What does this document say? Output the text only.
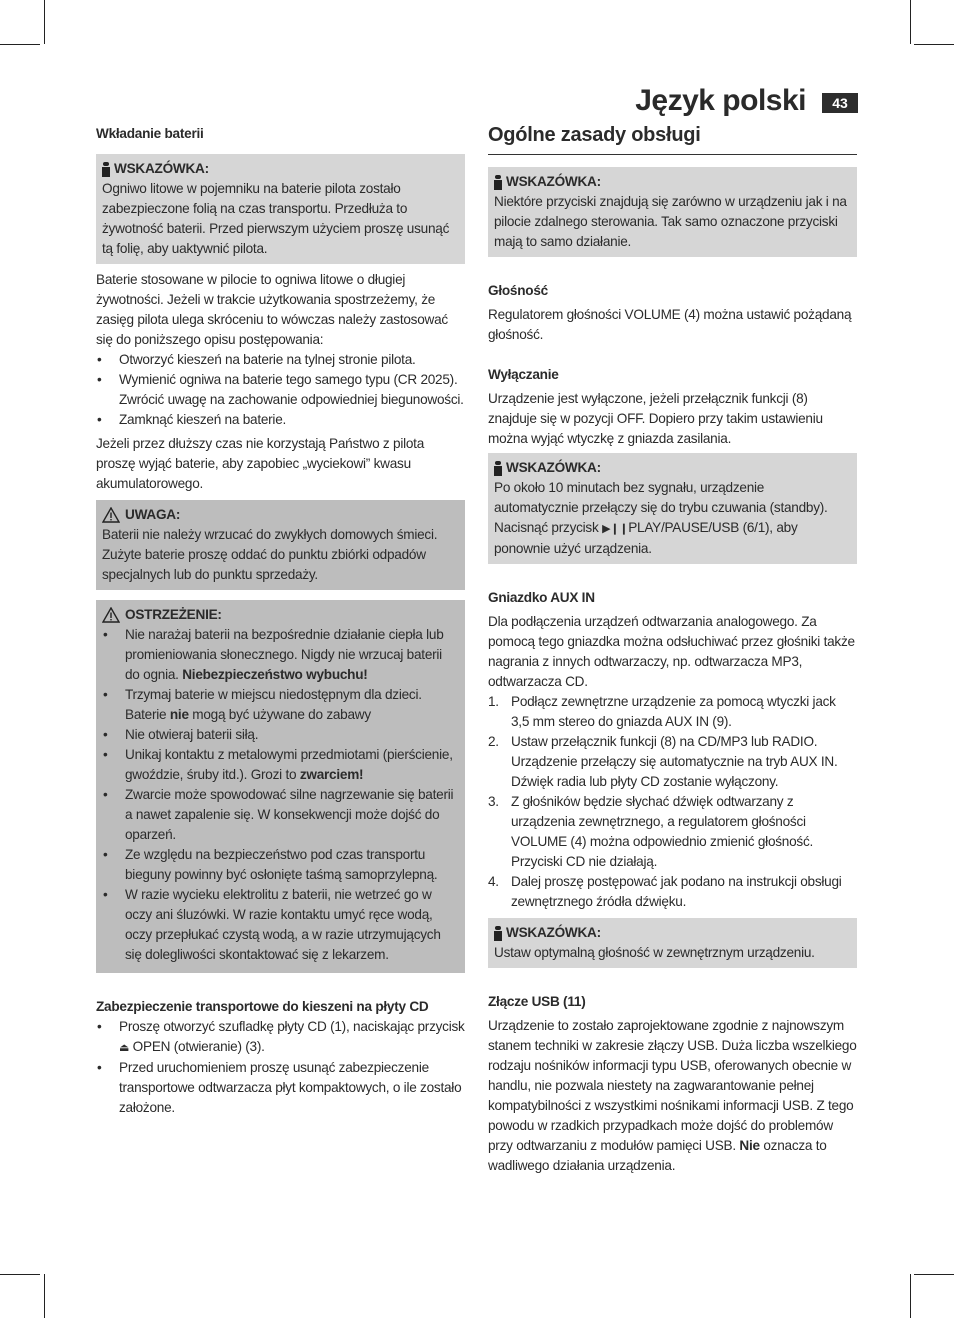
Język polski	43
Wkładanie baterii
WSKAZÓWKA:

Ogniwo litowe w pojemniku na baterie pilota zostało zabezpieczone folią na czas transportu. Przedłuża to żywotność baterii. Przed pierwszym użyciem proszę usunąć tą folię, aby uaktywnić pilota.

Baterie stosowane w pilocie to ogniwa litowe o długiej żywotności. Jeżeli w trakcie użytkowania spostrzeżemy, że zasięg pilota ulega skróceniu to wówczas należy zastosować się do poniższego opisu postępowania:

• Otworzyć kieszeń na baterie na tylnej stronie pilota.
• Wymienić ogniwa na baterie tego samego typu (CR 2025). Zwrócić uwagę na zachowanie odpowiedniej biegunowości.
• Zamknąć kieszeń na baterie.

Jeżeli przez dłuższy czas nie korzystają Państwo z pilota proszę wyjąć baterie, aby zapobiec „wyciekowi” kwasu akumulatorowego.

UWAGA:

Baterii nie należy wrzucać do zwykłych domowych śmieci. Zużyte baterie proszę oddać do punktu zbiórki odpadów specjalnych lub do punktu sprzedaży.

OSTRZEŻENIE:
• Nie narażaj baterii na bezpośrednie działanie ciepła lub promieniowania słonecznego. Nigdy nie wrzucaj baterii do ognia. Niebezpieczeństwo wybuchu!
• Trzymaj baterie w miejscu niedostępnym dla dzieci. Baterie nie mogą być używane do zabawy
• Nie otwieraj baterii siłą.
• Unikaj kontaktu z metalowymi przedmiotami (pierścienie, gwoździe, śruby itd.). Grozi to zwarciem!
• Zwarcie może spowodować silne nagrzewanie się baterii a nawet zapalenie się. W konsekwencji może dojść do oparzeń.
• Ze względu na bezpieczeństwo pod czas transportu bieguny powinny być osłonięte taśmą samoprzylepną.
• W razie wycieku elektrolitu z baterii, nie wetrzeć go w oczy ani śluzówki. W razie kontaktu umyć ręce wodą, oczy przepłukać czystą wodą, a w razie utrzymujących się dolegliwości skontaktować się z lekarzem.
Zabezpieczenie transportowe do kieszeni na płyty CD
• Proszę otworzyć szufladkę płyty CD (1), naciskając przycisk ⏏ OPEN (otwieranie) (3).
• Przed uruchomieniem proszę usunąć zabezpieczenie transportowe odtwarzacza płyt kompaktowych, o ile zostało założone.
Ogólne zasady obsługi
WSKAZÓWKA:

Niektóre przyciski znajdują się zarówno w urządzeniu jak i na pilocie zdalnego sterowania. Tak samo oznaczone przyciski mają to samo działanie.

Głośność

Regulatorem głośności VOLUME (4) można ustawić pożądaną głośność.

Wyłączanie

Urządzenie jest wyłączone, jeżeli przełącznik funkcji (8) znajduje się w pozycji OFF. Dopiero przy takim ustawieniu można wyjąć wtyczkę z gniazda zasilania.

WSKAZÓWKA:

Po około 10 minutach bez sygnału, urządzenie automatycznie przełączy się do trybu czuwania (standby). Nacisnąć przycisk ▶❙❙PLAY/PAUSE/USB (6/1), aby ponownie użyć urządzenia.

Gniazdko AUX IN

Dla podłączenia urządzeń odtwarzania analogowego. Za pomocą tego gniazdka można odsłuchiwać przez głośniki także nagrania z innych odtwarzaczy, np. odtwarzacza MP3, odtwarzacza CD.

1. Podłącz zewnętrzne urządzenie za pomocą wtyczki jack 3,5 mm stereo do gniazda AUX IN (9).
2. Ustaw przełącznik funkcji (8) na CD/MP3 lub RADIO. Urządzenie przełączy się automatycznie na tryb AUX IN. Dźwięk radia lub płyty CD zostanie wyłączony.
3. Z głośników będzie słychać dźwięk odtwarzany z urządzenia zewnętrznego, a regulatorem głośności VOLUME (4) można odpowiednio zmienić głośność. Przyciski CD nie działają.
4. Dalej proszę postępować jak podano na instrukcji obsługi zewnętrznego źródła dźwięku.
WSKAZÓWKA:

Ustaw optymalną głośność w zewnętrznym urządzeniu.

Złącze USB (11)

Urządzenie to zostało zaprojektowane zgodnie z najnowszym stanem techniki w zakresie złączy USB. Duża liczba wszelkiego rodzaju nośników informacji typu USB, oferowanych obecnie w handlu, nie pozwala niestety na zagwarantowanie pełnej kompatybilności z wszystkimi nośnikami informacji USB. Z tego powodu w rzadkich przypadkach może dojść do problemów przy odtwarzaniu z modułów pamięci USB. Nie oznacza to wadliwego działania urządzenia.
